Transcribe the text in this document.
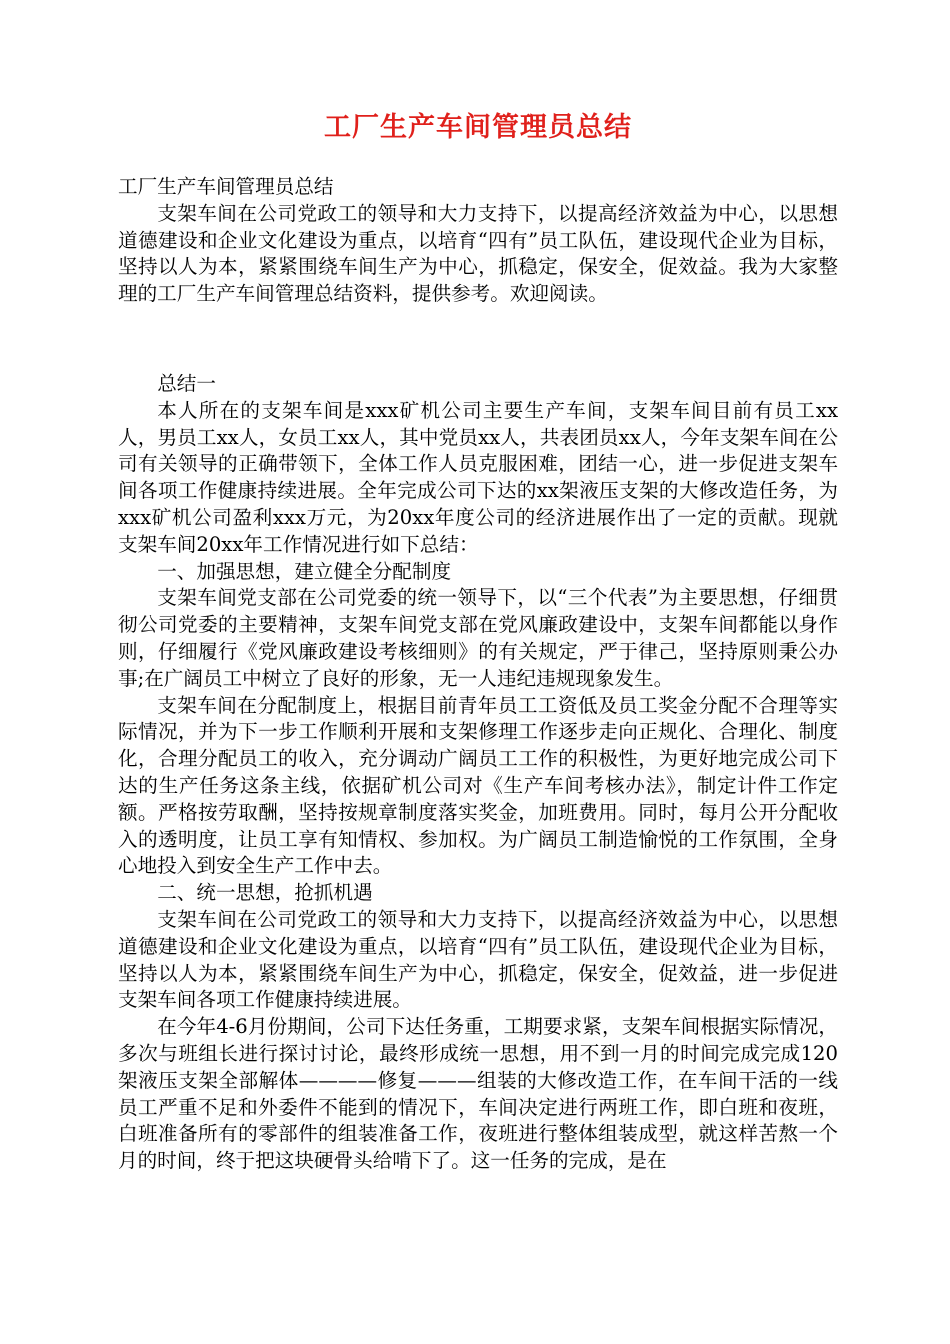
工厂生产车间管理员总结

工厂生产车间管理员总结

支架车间在公司党政工的领导和大力支持下，以提高经济效益为中心，以思想道德建设和企业文化建设为重点，以培育“四有”员工队伍，建设现代企业为目标，坚持以人为本，紧紧围绕车间生产为中心，抓稳定，保安全，促效益。我为大家整理的工厂生产车间管理总结资料，提供参考。欢迎阅读。

总结一

本人所在的支架车间是xxx矿机公司主要生产车间，支架车间目前有员工xx人，男员工xx人，女员工xx人，其中党员xx人，共表团员xx人，今年支架车间在公司有关领导的正确带领下，全体工作人员克服困难，团结一心，进一步促进支架车间各项工作健康持续进展。全年完成公司下达的xx架液压支架的大修改造任务，为xxx矿机公司盈利xxx万元，为20xx年度公司的经济进展作出了一定的贡献。现就支架车间20xx年工作情况进行如下总结：

一、加强思想，建立健全分配制度

支架车间党支部在公司党委的统一领导下，以“三个代表”为主要思想，仔细贯彻公司党委的主要精神，支架车间党支部在党风廉政建设中，支架车间都能以身作则，仔细履行《党风廉政建设考核细则》的有关规定，严于律己，坚持原则秉公办事;在广阔员工中树立了良好的形象，无一人违纪违规现象发生。

支架车间在分配制度上，根据目前青年员工工资低及员工奖金分配不合理等实际情况，并为下一步工作顺利开展和支架修理工作逐步走向正规化、合理化、制度化，合理分配员工的收入，充分调动广阔员工工作的积极性，为更好地完成公司下达的生产任务这条主线，依据矿机公司对《生产车间考核办法》，制定计件工作定额。严格按劳取酬，坚持按规章制度落实奖金，加班费用。同时，每月公开分配收入的透明度，让员工享有知情权、参加权。为广阔员工制造愉悦的工作氛围，全身心地投入到安全生产工作中去。

二、统一思想，抢抓机遇

支架车间在公司党政工的领导和大力支持下，以提高经济效益为中心，以思想道德建设和企业文化建设为重点，以培育“四有”员工队伍，建设现代企业为目标，坚持以人为本，紧紧围绕车间生产为中心，抓稳定，保安全，促效益，进一步促进支架车间各项工作健康持续进展。

在今年4-6月份期间，公司下达任务重，工期要求紧，支架车间根据实际情况，多次与班组长进行探讨讨论，最终形成统一思想，用不到一月的时间完成完成120架液压支架全部解体————修复———组装的大修改造工作，在车间干活的一线员工严重不足和外委件不能到的情况下，车间决定进行两班工作，即白班和夜班，白班准备所有的零部件的组装准备工作，夜班进行整体组装成型，就这样苦熬一个月的时间，终于把这块硬骨头给啃下了。这一任务的完成，是在
